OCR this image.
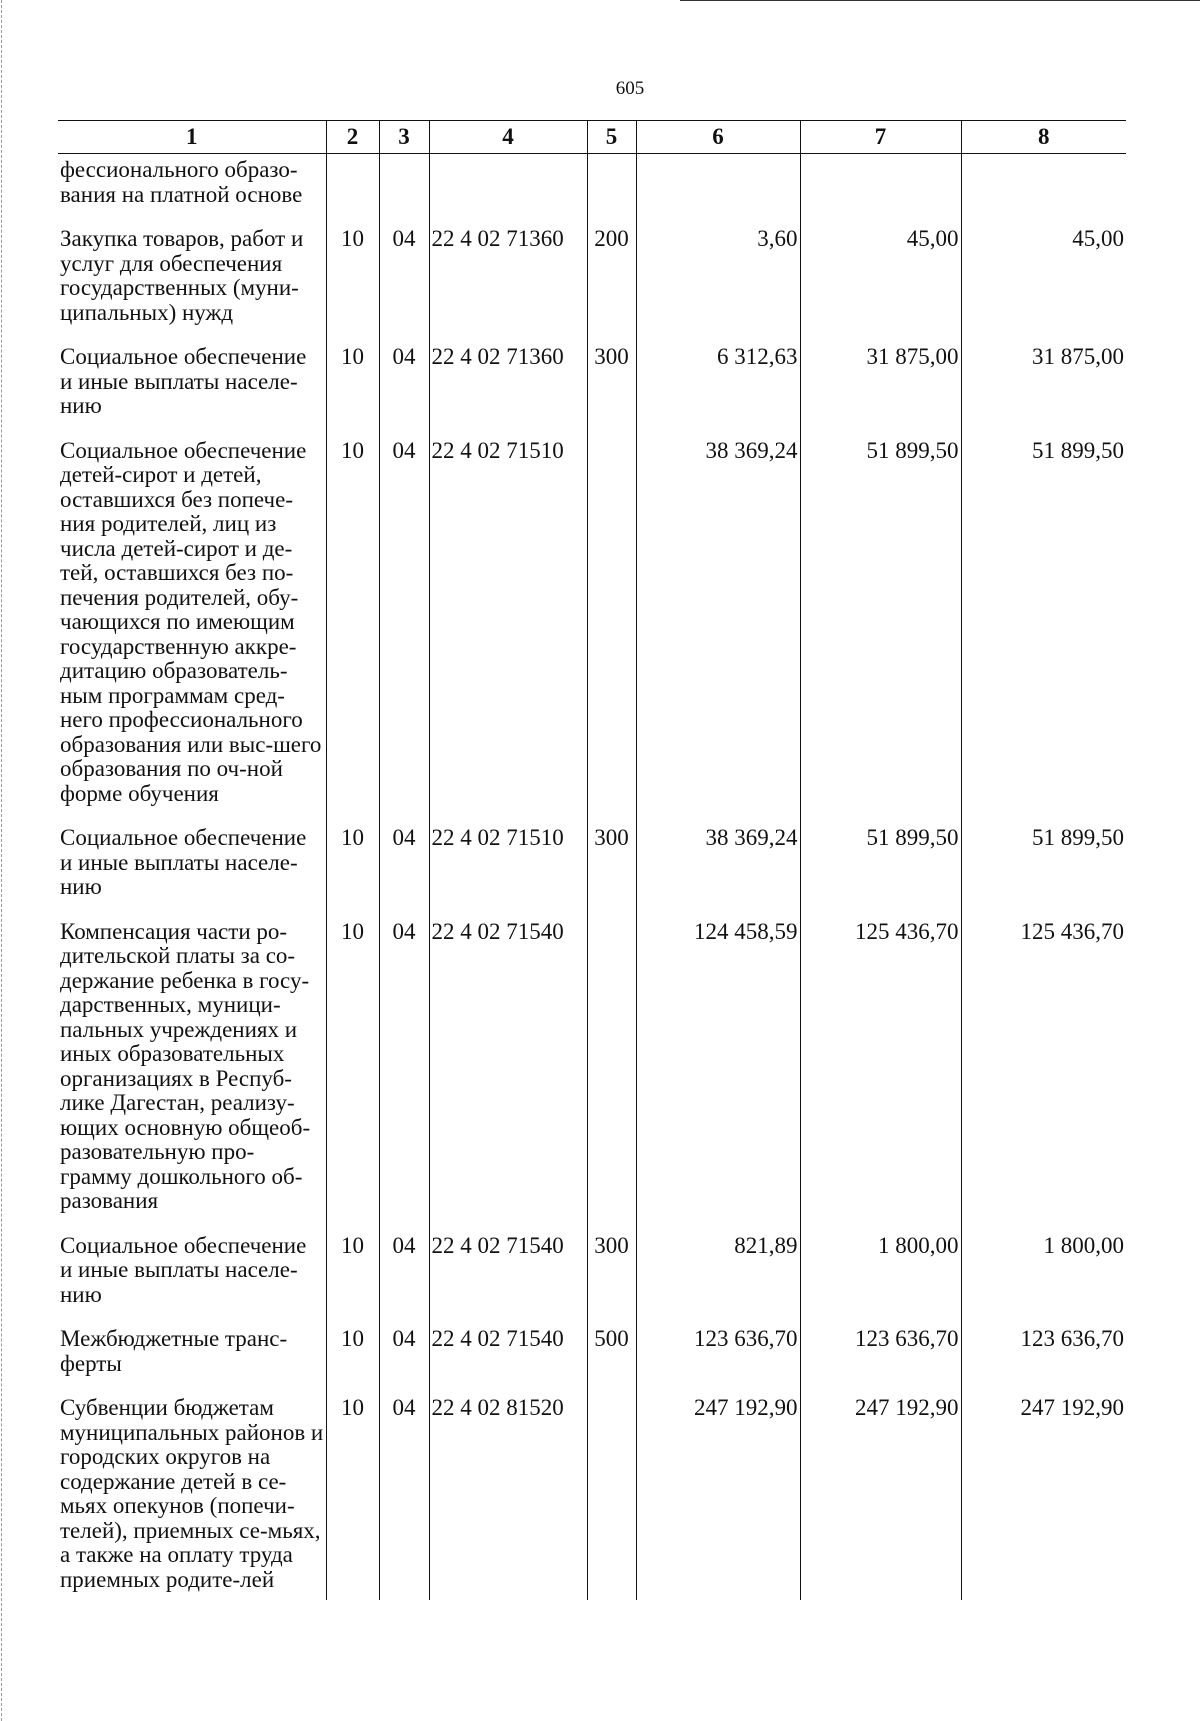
605
1	2	3	4	5	6	7	8
фессионального образо-вания на платной основе							
Закупка товаров, работ и услуг для обеспечения государственных (муни-ципальных) нужд	10	04	22 4 02 71360	200	3,60	45,00	45,00
Социальное обеспечение и иные выплаты населе-нию	10	04	22 4 02 71360	300	6 312,63	31 875,00	31 875,00
Социальное обеспечение детей-сирот и детей, оставшихся без попече-ния родителей, лиц из числа детей-сирот и де-тей, оставшихся без по-печения родителей, обу-чающихся по имеющим государственную аккре-дитацию образователь-ным программам сред-него профессионального образования или выс-шего образования по оч-ной форме обучения	10	04	22 4 02 71510		38 369,24	51 899,50	51 899,50
Социальное обеспечение и иные выплаты населе-нию	10	04	22 4 02 71510	300	38 369,24	51 899,50	51 899,50
Компенсация части ро-дительской платы за со-держание ребенка в госу-дарственных, муници-пальных учреждениях и иных образовательных организациях в Респуб-лике Дагестан, реализу-ющих основную общеоб-разовательную про-грамму дошкольного об-разования	10	04	22 4 02 71540		124 458,59	125 436,70	125 436,70
Социальное обеспечение и иные выплаты населе-нию	10	04	22 4 02 71540	300	821,89	1 800,00	1 800,00
Межбюджетные транс-ферты	10	04	22 4 02 71540	500	123 636,70	123 636,70	123 636,70
Субвенции бюджетам муниципальных районов и городских округов на содержание детей в се-мьях опекунов (попечи-телей), приемных се-мьях, а также на оплату труда приемных родите-лей	10	04	22 4 02 81520		247 192,90	247 192,90	247 192,90
